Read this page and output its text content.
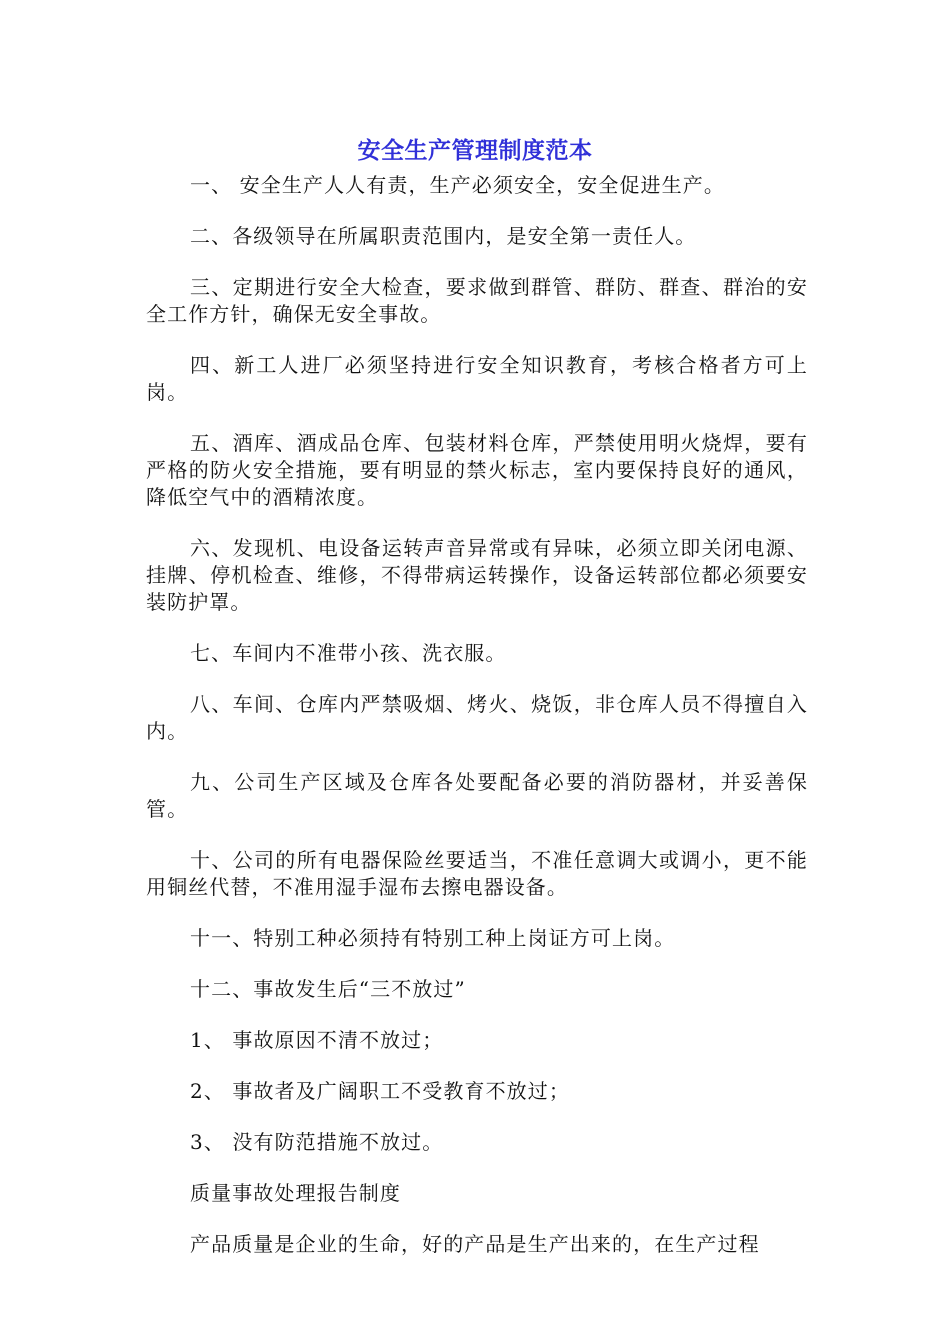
安全生产管理制度范本

一、 安全生产人人有责，生产必须安全，安全促进生产。

二、各级领导在所属职责范围内，是安全第一责任人。

三、定期进行安全大检查，要求做到群管、群防、群查、群治的安全工作方针，确保无安全事故。

四、新工人进厂必须坚持进行安全知识教育，考核合格者方可上岗。

五、酒库、酒成品仓库、包装材料仓库，严禁使用明火烧焊，要有严格的防火安全措施，要有明显的禁火标志，室内要保持良好的通风，降低空气中的酒精浓度。

六、发现机、电设备运转声音异常或有异味，必须立即关闭电源、挂牌、停机检查、维修，不得带病运转操作，设备运转部位都必须要安装防护罩。

七、车间内不准带小孩、洗衣服。

八、车间、仓库内严禁吸烟、烤火、烧饭，非仓库人员不得擅自入内。

九、公司生产区域及仓库各处要配备必要的消防器材，并妥善保管。

十、公司的所有电器保险丝要适当，不准任意调大或调小，更不能用铜丝代替，不准用湿手湿布去擦电器设备。

十一、特别工种必须持有特别工种上岗证方可上岗。

十二、事故发生后“三不放过”

1、 事故原因不清不放过；

2、 事故者及广阔职工不受教育不放过；

3、 没有防范措施不放过。

质量事故处理报告制度

产品质量是企业的生命，好的产品是生产出来的，在生产过程
